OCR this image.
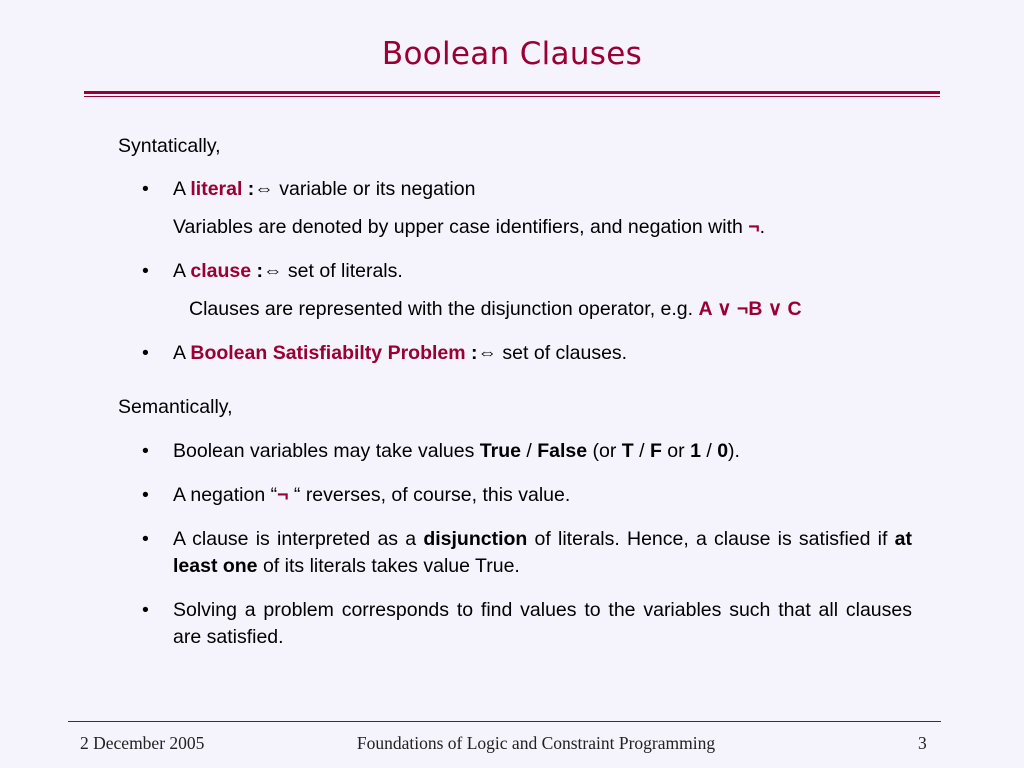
Boolean Clauses
Syntatically,
• A literal :⇔ variable or its negation
Variables are denoted by upper case identifiers, and negation with ¬.
• A clause :⇔ set of literals.
Clauses are represented with the disjunction operator, e.g. A ∨ ¬B ∨ C
• A Boolean Satisfiabilty Problem :⇔ set of clauses.
Semantically,
• Boolean variables may take values True / False (or T / F or 1 / 0).
• A negation “¬ “ reverses, of course, this value.
• A clause is interpreted as a disjunction of literals. Hence, a clause is satisfied if at least one of its literals takes value True.
• Solving a problem corresponds to find values to the variables such that all clauses are satisfied.
2 December 2005	Foundations of Logic and Constraint Programming	3
